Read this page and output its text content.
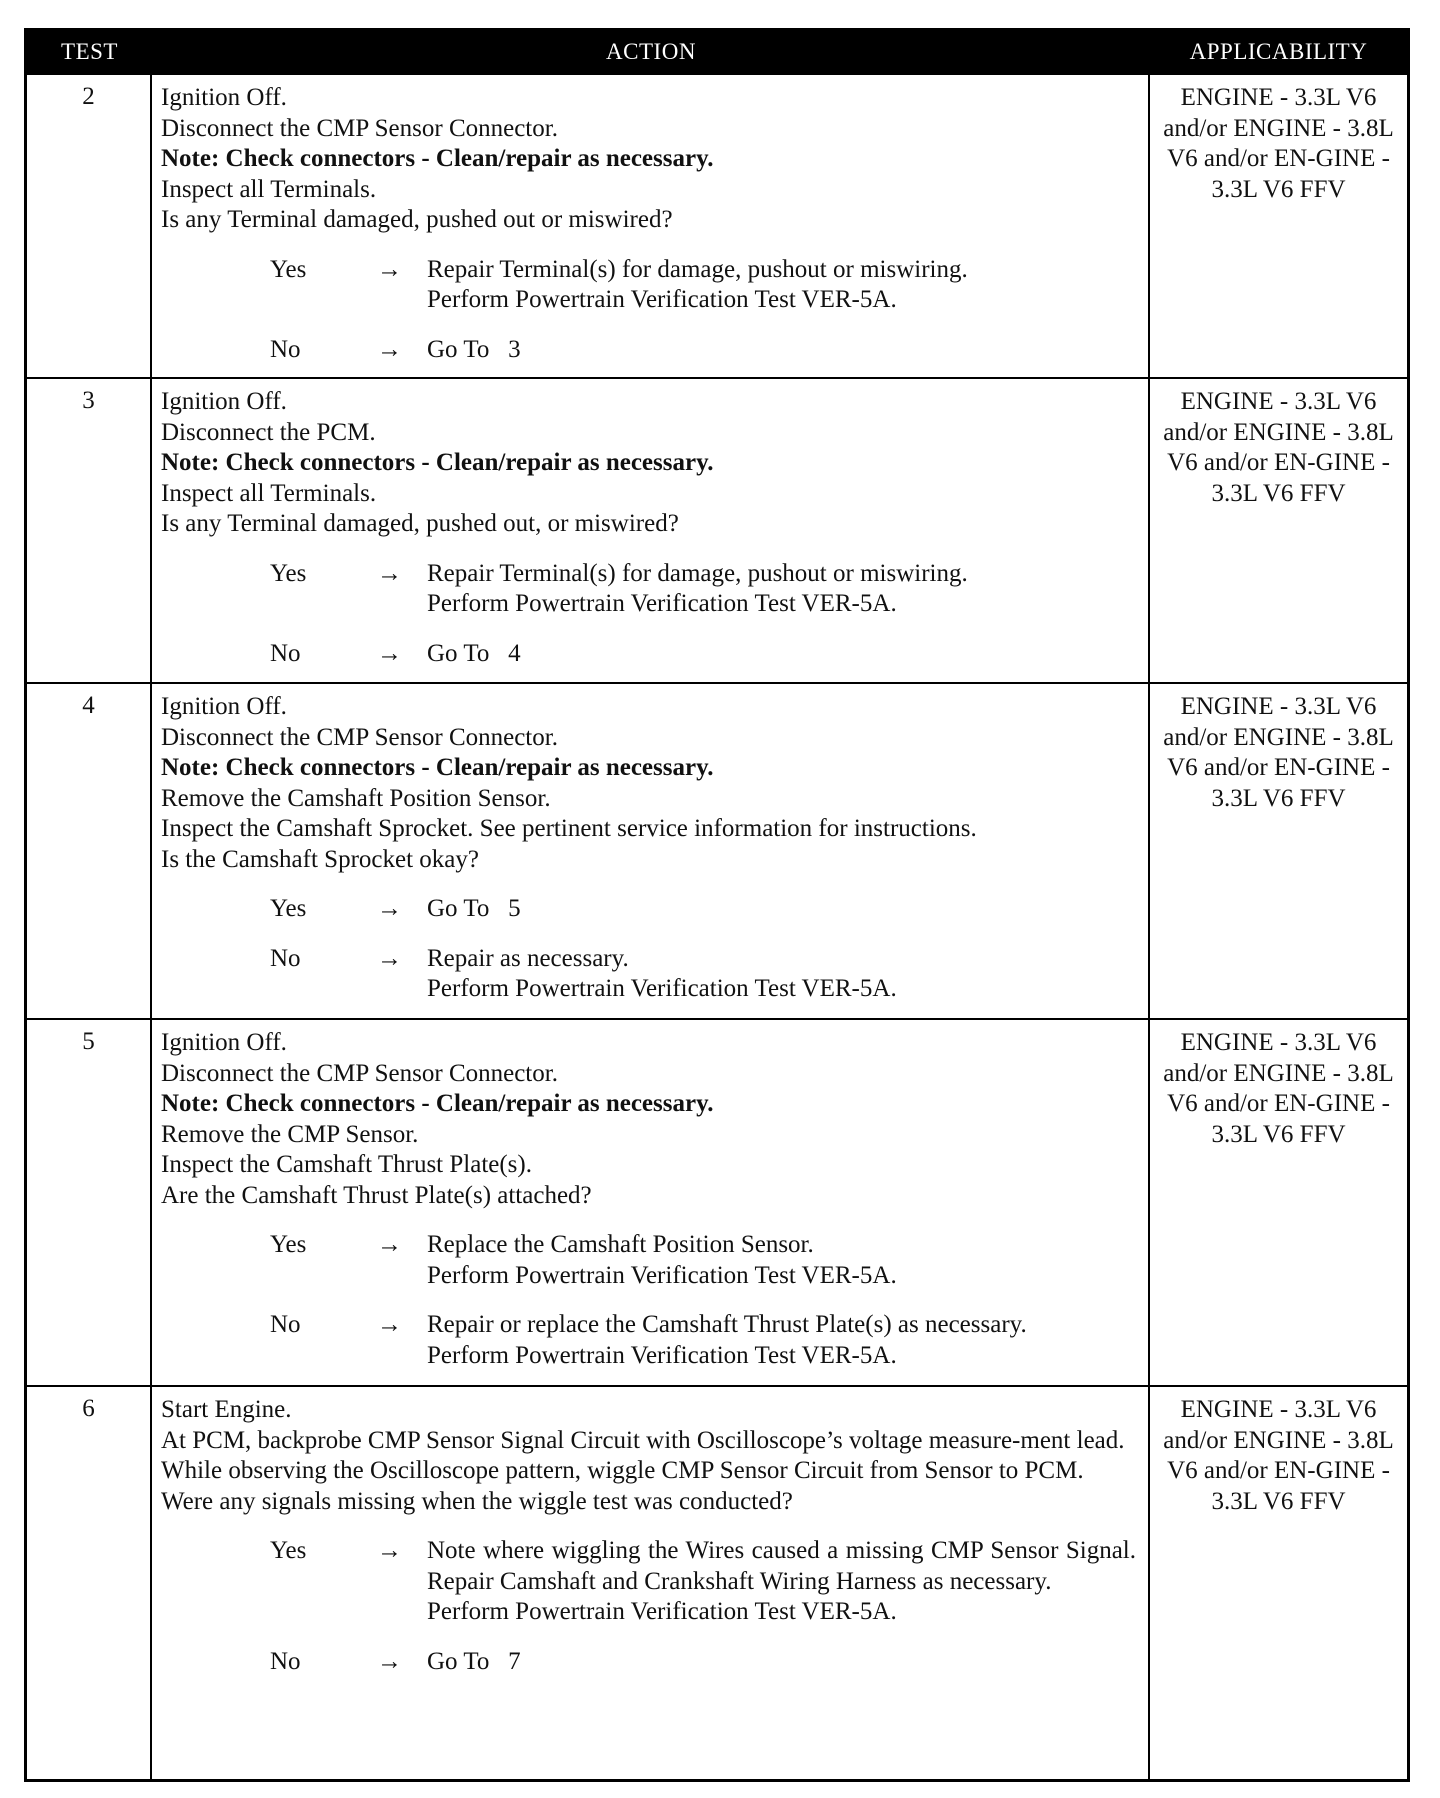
TEST	ACTION	APPLICABILITY
2	Ignition Off.
Disconnect the CMP Sensor Connector.
Note: Check connectors - Clean/repair as necessary.
Inspect all Terminals.
Is any Terminal damaged, pushed out or miswired?
Yes	→	Repair Terminal(s) for damage, pushout or miswiring.
Perform Powertrain Verification Test VER-5A.
No	→	Go To   3
ENGINE - 3.3L V6 and/or ENGINE - 3.8L V6 and/or EN-GINE - 3.3L V6 FFV
3	Ignition Off.
Disconnect the PCM.
Note: Check connectors - Clean/repair as necessary.
Inspect all Terminals.
Is any Terminal damaged, pushed out, or miswired?
Yes	→	Repair Terminal(s) for damage, pushout or miswiring.
Perform Powertrain Verification Test VER-5A.
No	→	Go To   4
ENGINE - 3.3L V6 and/or ENGINE - 3.8L V6 and/or EN-GINE - 3.3L V6 FFV
4	Ignition Off.
Disconnect the CMP Sensor Connector.
Note: Check connectors - Clean/repair as necessary.
Remove the Camshaft Position Sensor.
Inspect the Camshaft Sprocket. See pertinent service information for instructions.
Is the Camshaft Sprocket okay?
Yes	→	Go To   5
No	→	Repair as necessary.
Perform Powertrain Verification Test VER-5A.
ENGINE - 3.3L V6 and/or ENGINE - 3.8L V6 and/or EN-GINE - 3.3L V6 FFV
5	Ignition Off.
Disconnect the CMP Sensor Connector.
Note: Check connectors - Clean/repair as necessary.
Remove the CMP Sensor.
Inspect the Camshaft Thrust Plate(s).
Are the Camshaft Thrust Plate(s) attached?
Yes	→	Replace the Camshaft Position Sensor.
Perform Powertrain Verification Test VER-5A.
No	→	Repair or replace the Camshaft Thrust Plate(s) as necessary.
Perform Powertrain Verification Test VER-5A.
ENGINE - 3.3L V6 and/or ENGINE - 3.8L V6 and/or EN-GINE - 3.3L V6 FFV
6	Start Engine.
At PCM, backprobe CMP Sensor Signal Circuit with Oscilloscope’s voltage measure-ment lead.
While observing the Oscilloscope pattern, wiggle CMP Sensor Circuit from Sensor to PCM.
Were any signals missing when the wiggle test was conducted?
Yes	→	Note where wiggling the Wires caused a missing CMP Sensor Signal. Repair Camshaft and Crankshaft Wiring Harness as necessary.
Perform Powertrain Verification Test VER-5A.
No	→	Go To   7
ENGINE - 3.3L V6 and/or ENGINE - 3.8L V6 and/or EN-GINE - 3.3L V6 FFV
